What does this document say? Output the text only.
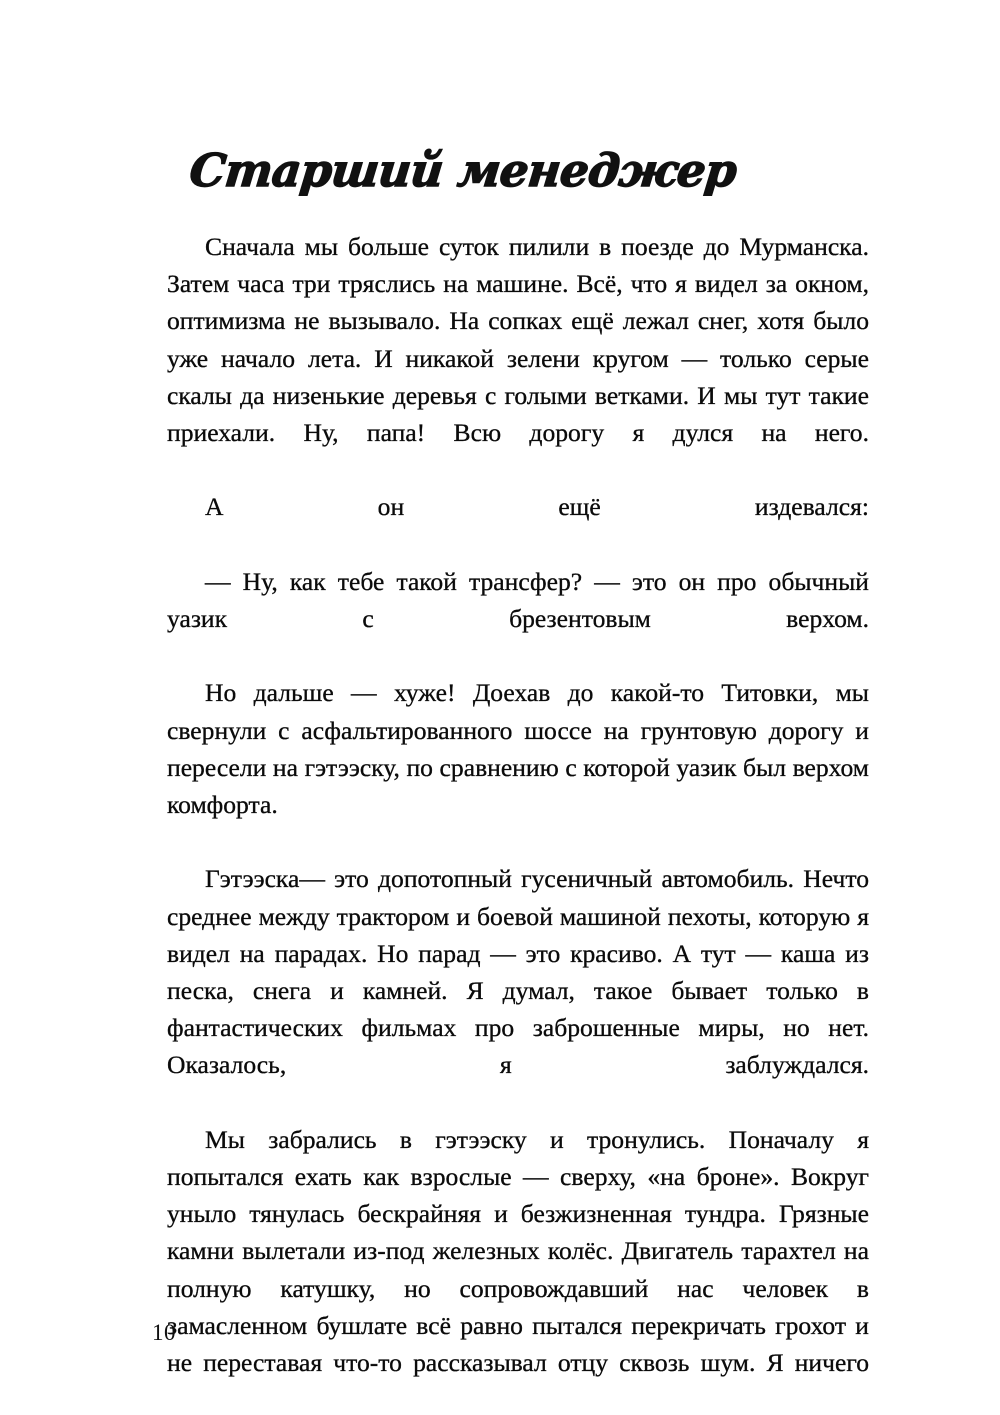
Старший менеджер

Сначала мы больше суток пилили в поезде до Мурманска. Затем часа три тряслись на машине. Всё, что я видел за окном, оптимизма не вызывало. На сопках ещё лежал снег, хотя было уже начало лета. И никакой зелени кругом — только серые скалы да низенькие деревья с голыми ветками. И мы тут такие приехали. Ну, папа! Всю дорогу я дулся на него.

А он ещё издевался:

— Ну, как тебе такой трансфер? — это он про обычный уазик с брезентовым верхом.

Но дальше — хуже! Доехав до какой-то Титовки, мы свернули с асфальтированного шоссе на грунтовую дорогу и пересели на гэтээску, по сравнению с которой уазик был верхом комфорта.

Гэтээска— это допотопный гусеничный автомобиль. Нечто среднее между трактором и боевой машиной пехоты, которую я видел на парадах. Но парад — это красиво. А тут — каша из песка, снега и камней. Я думал, такое бывает только в фантастических фильмах про заброшенные миры, но нет. Оказалось, я заблуждался.

Мы забрались в гэтээску и тронулись. Поначалу я попытался ехать как взрослые — сверху, «на броне». Вокруг уныло тянулась бескрайняя и безжизненная тундра. Грязные камни вылетали из-под железных колёс. Двигатель тарахтел на полную катушку, но сопровождавший нас человек в замасленном бушлате всё равно пытался перекричать грохот и не переставая что-то рассказывал отцу сквозь шум. Я ничего

10
